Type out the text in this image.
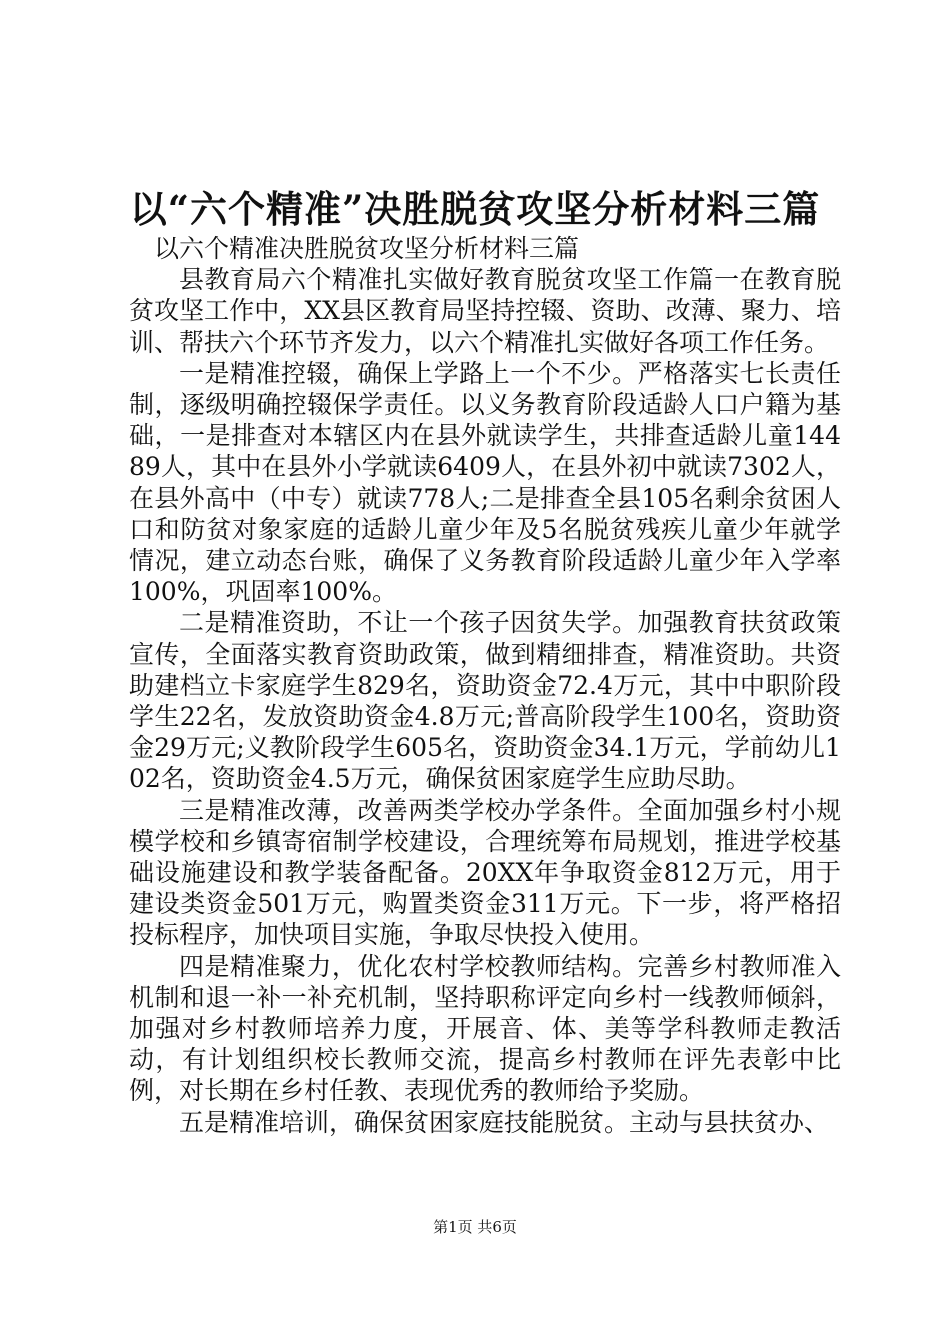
以“六个精准”决胜脱贫攻坚分析材料三篇

以六个精准决胜脱贫攻坚分析材料三篇

县教育局六个精准扎实做好教育脱贫攻坚工作篇一在教育脱贫攻坚工作中，XX县区教育局坚持控辍、资助、改薄、聚力、培训、帮扶六个环节齐发力，以六个精准扎实做好各项工作任务。

一是精准控辍，确保上学路上一个不少。严格落实七长责任制，逐级明确控辍保学责任。以义务教育阶段适龄人口户籍为基础，一是排查对本辖区内在县外就读学生，共排查适龄儿童14489人，其中在县外小学就读6409人，在县外初中就读7302人，在县外高中（中专）就读778人;二是排查全县105名剩余贫困人口和防贫对象家庭的适龄儿童少年及5名脱贫残疾儿童少年就学情况，建立动态台账，确保了义务教育阶段适龄儿童少年入学率100%，巩固率100%。

二是精准资助，不让一个孩子因贫失学。加强教育扶贫政策宣传，全面落实教育资助政策，做到精细排查，精准资助。共资助建档立卡家庭学生829名，资助资金72.4万元，其中中职阶段学生22名，发放资助资金4.8万元;普高阶段学生100名，资助资金29万元;义教阶段学生605名，资助资金34.1万元，学前幼儿102名，资助资金4.5万元，确保贫困家庭学生应助尽助。

三是精准改薄，改善两类学校办学条件。全面加强乡村小规模学校和乡镇寄宿制学校建设，合理统筹布局规划，推进学校基础设施建设和教学装备配备。20XX年争取资金812万元，用于建设类资金501万元，购置类资金311万元。下一步，将严格招投标程序，加快项目实施，争取尽快投入使用。

四是精准聚力，优化农村学校教师结构。完善乡村教师准入机制和退一补一补充机制，坚持职称评定向乡村一线教师倾斜，加强对乡村教师培养力度，开展音、体、美等学科教师走教活动，有计划组织校长教师交流，提高乡村教师在评先表彰中比例，对长期在乡村任教、表现优秀的教师给予奖励。

五是精准培训，确保贫困家庭技能脱贫。主动与县扶贫办、

第1页 共6页
